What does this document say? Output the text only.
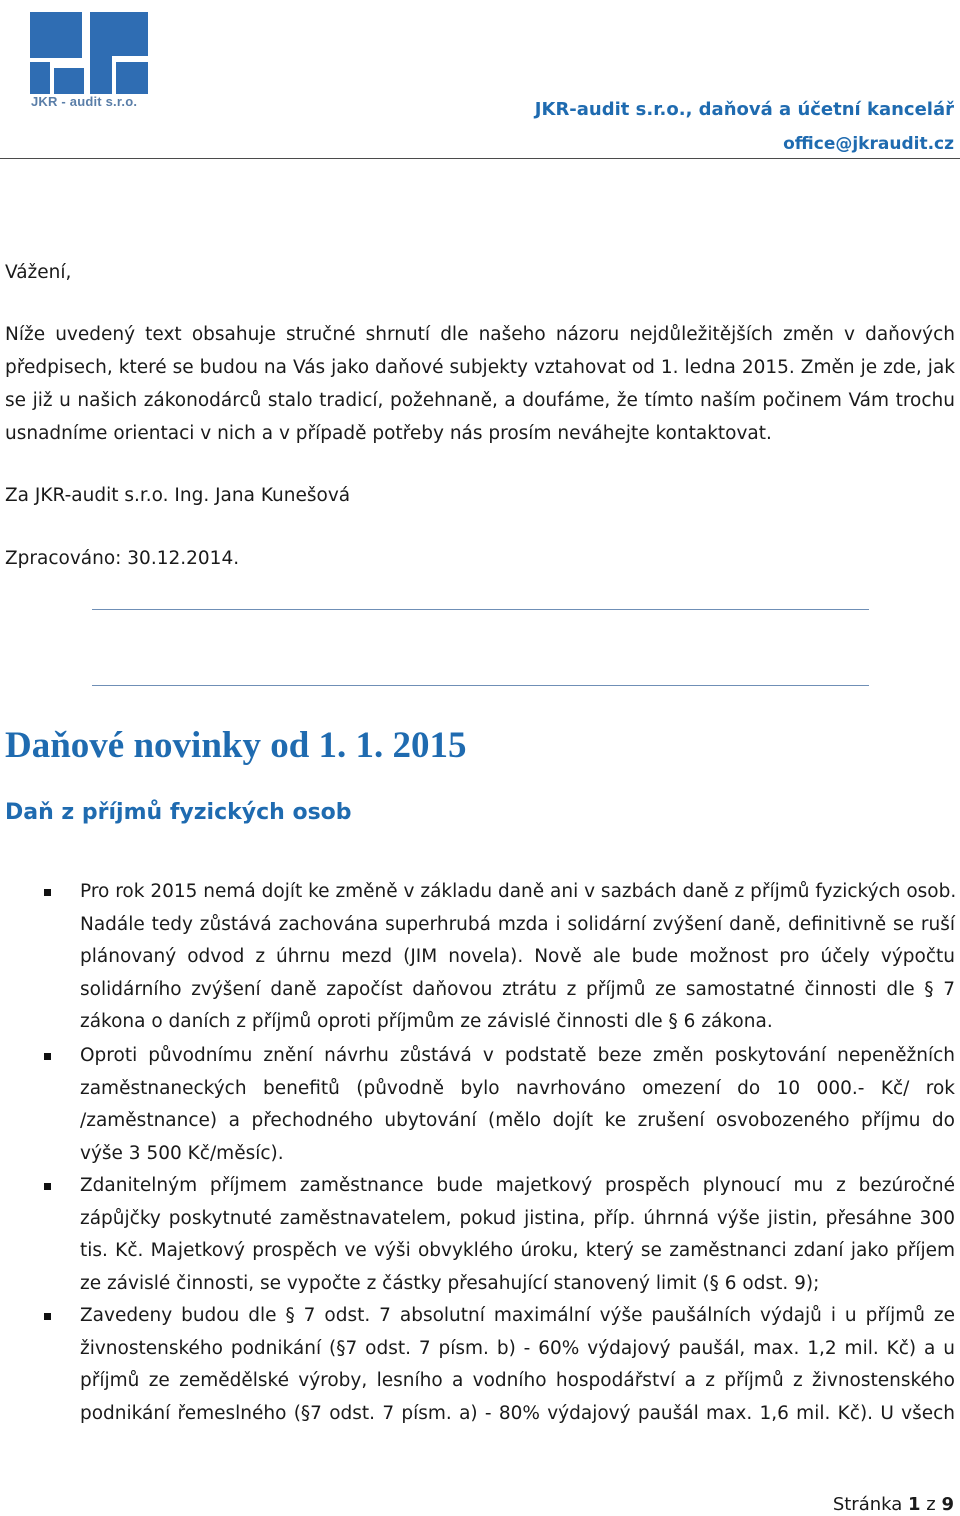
JKR - audit s.r.o.	JKR-audit s.r.o., daňová a účetní kancelář
office@jkraudit.cz
Vážení,
Níže uvedený text obsahuje stručné shrnutí dle našeho názoru nejdůležitějších změn v daňových
předpisech, které se budou na Vás jako daňové subjekty vztahovat od 1. ledna 2015. Změn je zde, jak
se již u našich zákonodárců stalo tradicí, požehnaně, a doufáme, že tímto naším počinem Vám trochu
usnadníme orientaci v nich a v případě potřeby nás prosím neváhejte kontaktovat.
Za JKR-audit s.r.o. Ing. Jana Kunešová
Zpracováno: 30.12.2014.
Daňové novinky od 1. 1. 2015
Daň z příjmů fyzických osob
Pro rok 2015 nemá dojít ke změně v základu daně ani v sazbách daně z příjmů fyzických osob.
Nadále tedy zůstává zachována superhrubá mzda i solidární zvýšení daně, definitivně se ruší
plánovaný odvod z úhrnu mezd (JIM novela). Nově ale bude možnost pro účely výpočtu
solidárního zvýšení daně započíst daňovou ztrátu z příjmů ze samostatné činnosti dle § 7
zákona o daních z příjmů oproti příjmům ze závislé činnosti dle § 6 zákona.
Oproti původnímu znění návrhu zůstává v podstatě beze změn poskytování nepeněžních
zaměstnaneckých benefitů (původně bylo navrhováno omezení do 10 000.- Kč/ rok
/zaměstnance) a přechodného ubytování (mělo dojít ke zrušení osvobozeného příjmu do
výše 3 500 Kč/měsíc).
Zdanitelným příjmem zaměstnance bude majetkový prospěch plynoucí mu z bezúročné
zápůjčky poskytnuté zaměstnavatelem, pokud jistina, příp. úhrnná výše jistin, přesáhne 300
tis. Kč. Majetkový prospěch ve výši obvyklého úroku, který se zaměstnanci zdaní jako příjem
ze závislé činnosti, se vypočte z částky přesahující stanovený limit (§ 6 odst. 9);
Zavedeny budou dle § 7 odst. 7 absolutní maximální výše paušálních výdajů i u příjmů ze
živnostenského podnikání (§7 odst. 7 písm. b) - 60% výdajový paušál, max. 1,2 mil. Kč) a u
příjmů ze zemědělské výroby, lesního a vodního hospodářství a z příjmů z živnostenského
podnikání řemeslného (§7 odst. 7 písm. a) - 80% výdajový paušál max. 1,6 mil. Kč). U všech
Stránka 1 z 9
